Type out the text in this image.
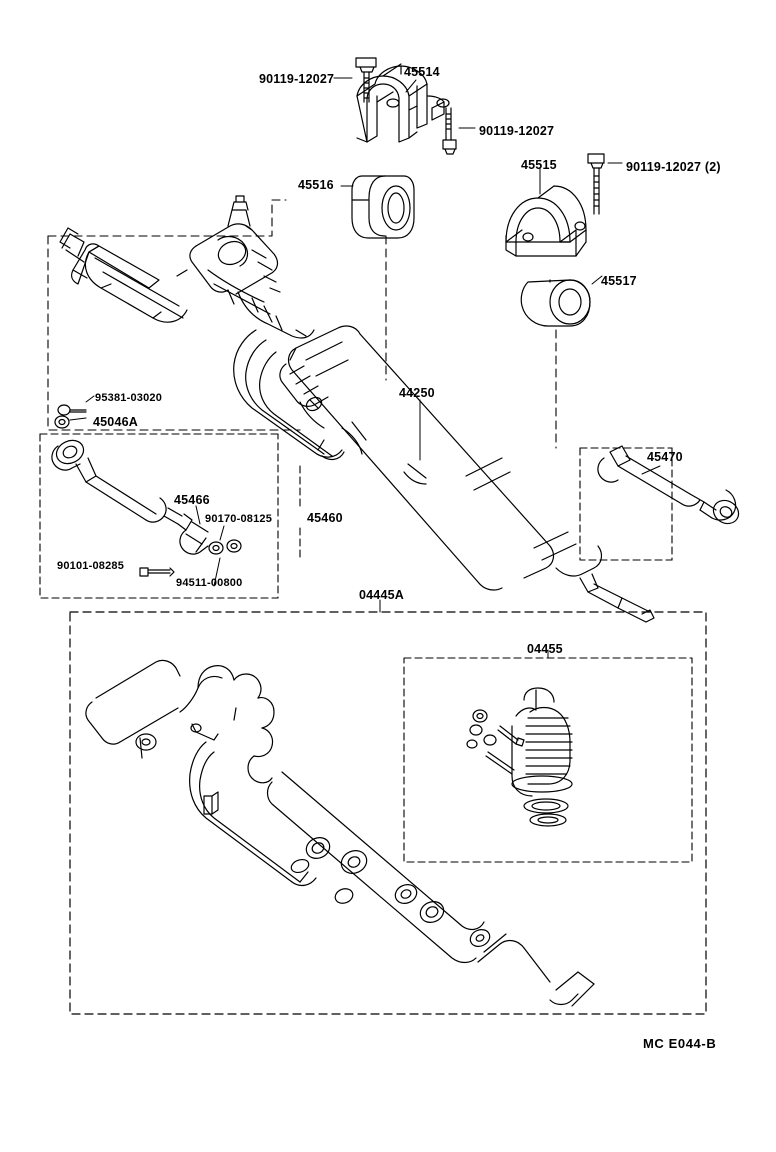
90119-12027	45514
90119-12027
45515	90119-12027 (2)
45516
45517
44250
95381-03020
45046A
45466
90170-08125	45460
45470
90101-08285
94511-00800
04445A
04455
MC E044-B
